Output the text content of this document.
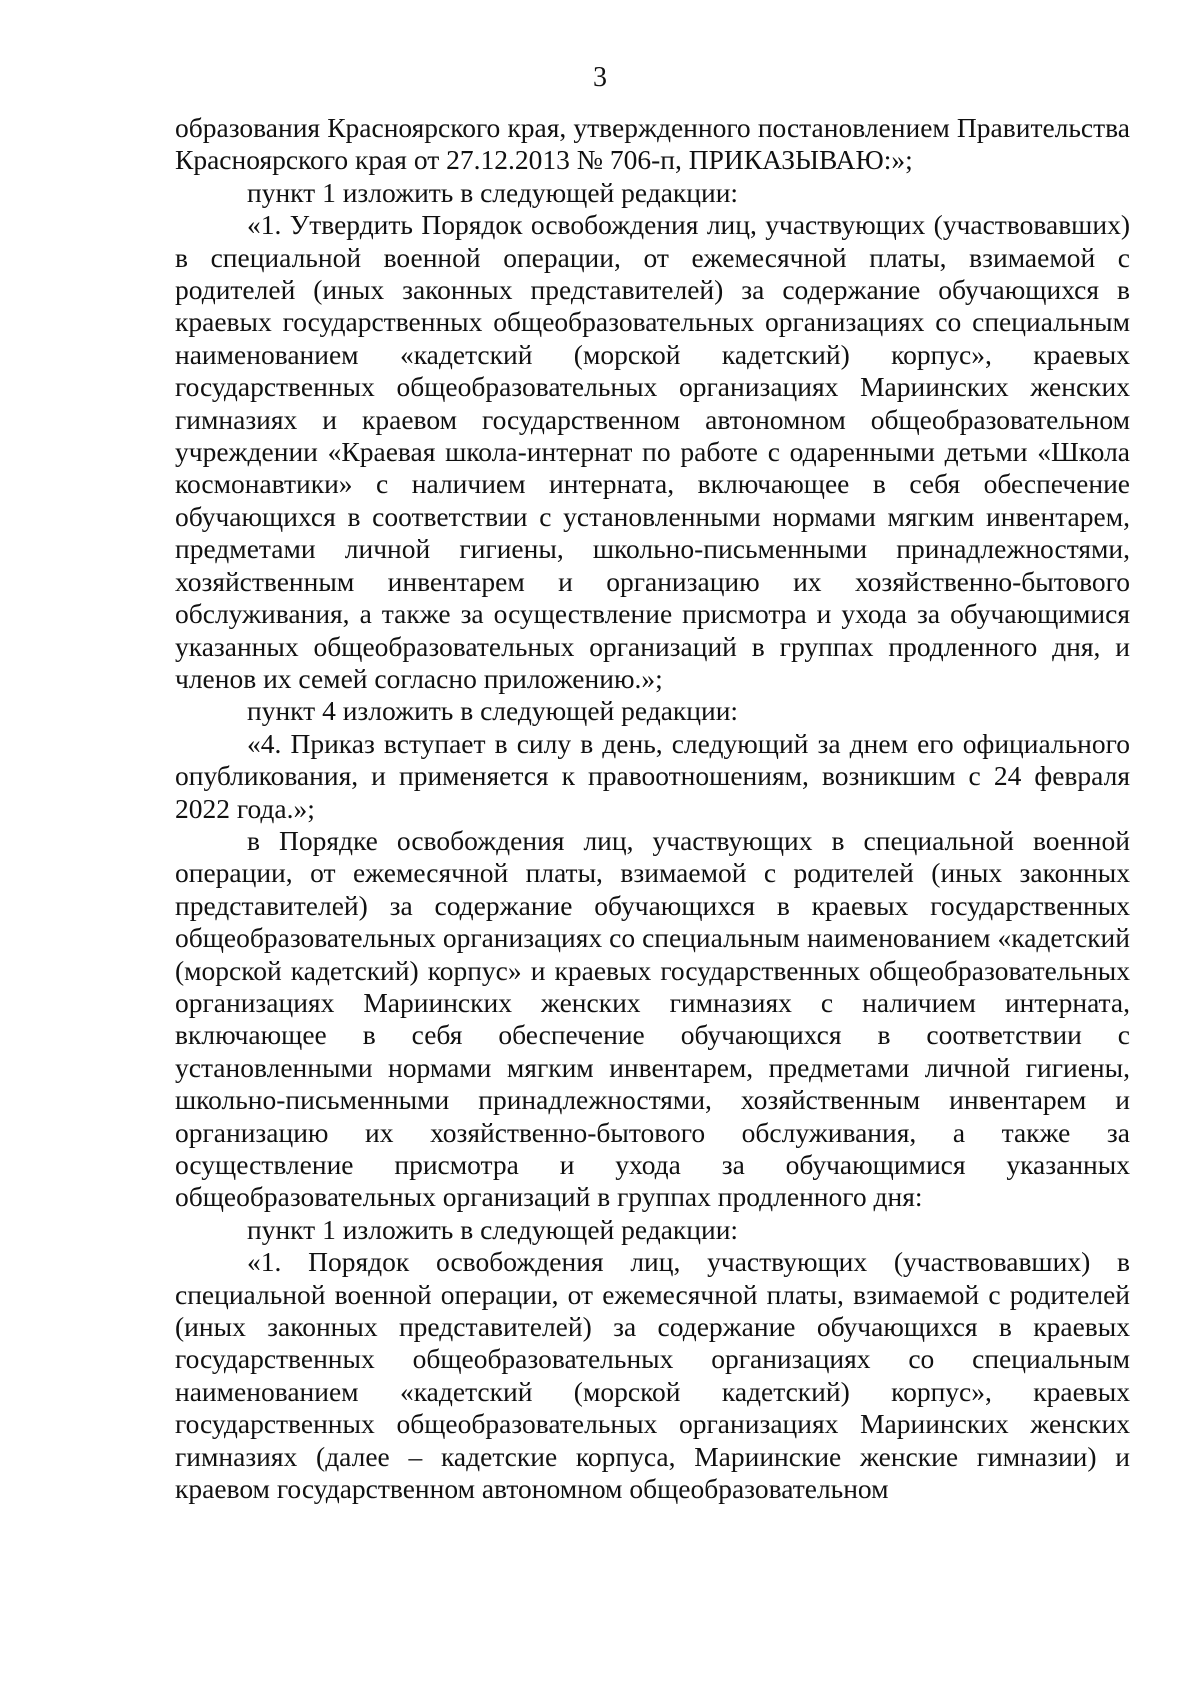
3

образования Красноярского края, утвержденного постановлением Правительства Красноярского края от 27.12.2013 № 706-п, ПРИКАЗЫВАЮ:»;

пункт 1 изложить в следующей редакции:

«1. Утвердить Порядок освобождения лиц, участвующих (участвовавших) в специальной военной операции, от ежемесячной платы, взимаемой с родителей (иных законных представителей) за содержание обучающихся в краевых государственных общеобразовательных организациях со специальным наименованием «кадетский (морской кадетский) корпус», краевых государственных общеобразовательных организациях Мариинских женских гимназиях и краевом государственном автономном общеобразовательном учреждении «Краевая школа-интернат по работе с одаренными детьми «Школа космонавтики» с наличием интерната, включающее в себя обеспечение обучающихся в соответствии с установленными нормами мягким инвентарем, предметами личной гигиены, школьно-письменными принадлежностями, хозяйственным инвентарем и организацию их хозяйственно-бытового обслуживания, а также за осуществление присмотра и ухода за обучающимися указанных общеобразовательных организаций в группах продленного дня, и членов их семей согласно приложению.»;

пункт 4 изложить в следующей редакции:

«4. Приказ вступает в силу в день, следующий за днем его официального опубликования, и применяется к правоотношениям, возникшим с 24 февраля 2022 года.»;

в Порядке освобождения лиц, участвующих в специальной военной операции, от ежемесячной платы, взимаемой с родителей (иных законных представителей) за содержание обучающихся в краевых государственных общеобразовательных организациях со специальным наименованием «кадетский (морской кадетский) корпус» и краевых государственных общеобразовательных организациях Мариинских женских гимназиях с наличием интерната, включающее в себя обеспечение обучающихся в соответствии с установленными нормами мягким инвентарем, предметами личной гигиены, школьно-письменными принадлежностями, хозяйственным инвентарем и организацию их хозяйственно-бытового обслуживания, а также за осуществление присмотра и ухода за обучающимися указанных общеобразовательных организаций в группах продленного дня:

пункт 1 изложить в следующей редакции:

«1. Порядок освобождения лиц, участвующих (участвовавших) в специальной военной операции, от ежемесячной платы, взимаемой с родителей (иных законных представителей) за содержание обучающихся в краевых государственных общеобразовательных организациях со специальным наименованием «кадетский (морской кадетский) корпус», краевых государственных общеобразовательных организациях Мариинских женских гимназиях (далее – кадетские корпуса, Мариинские женские гимназии) и краевом государственном автономном общеобразовательном
